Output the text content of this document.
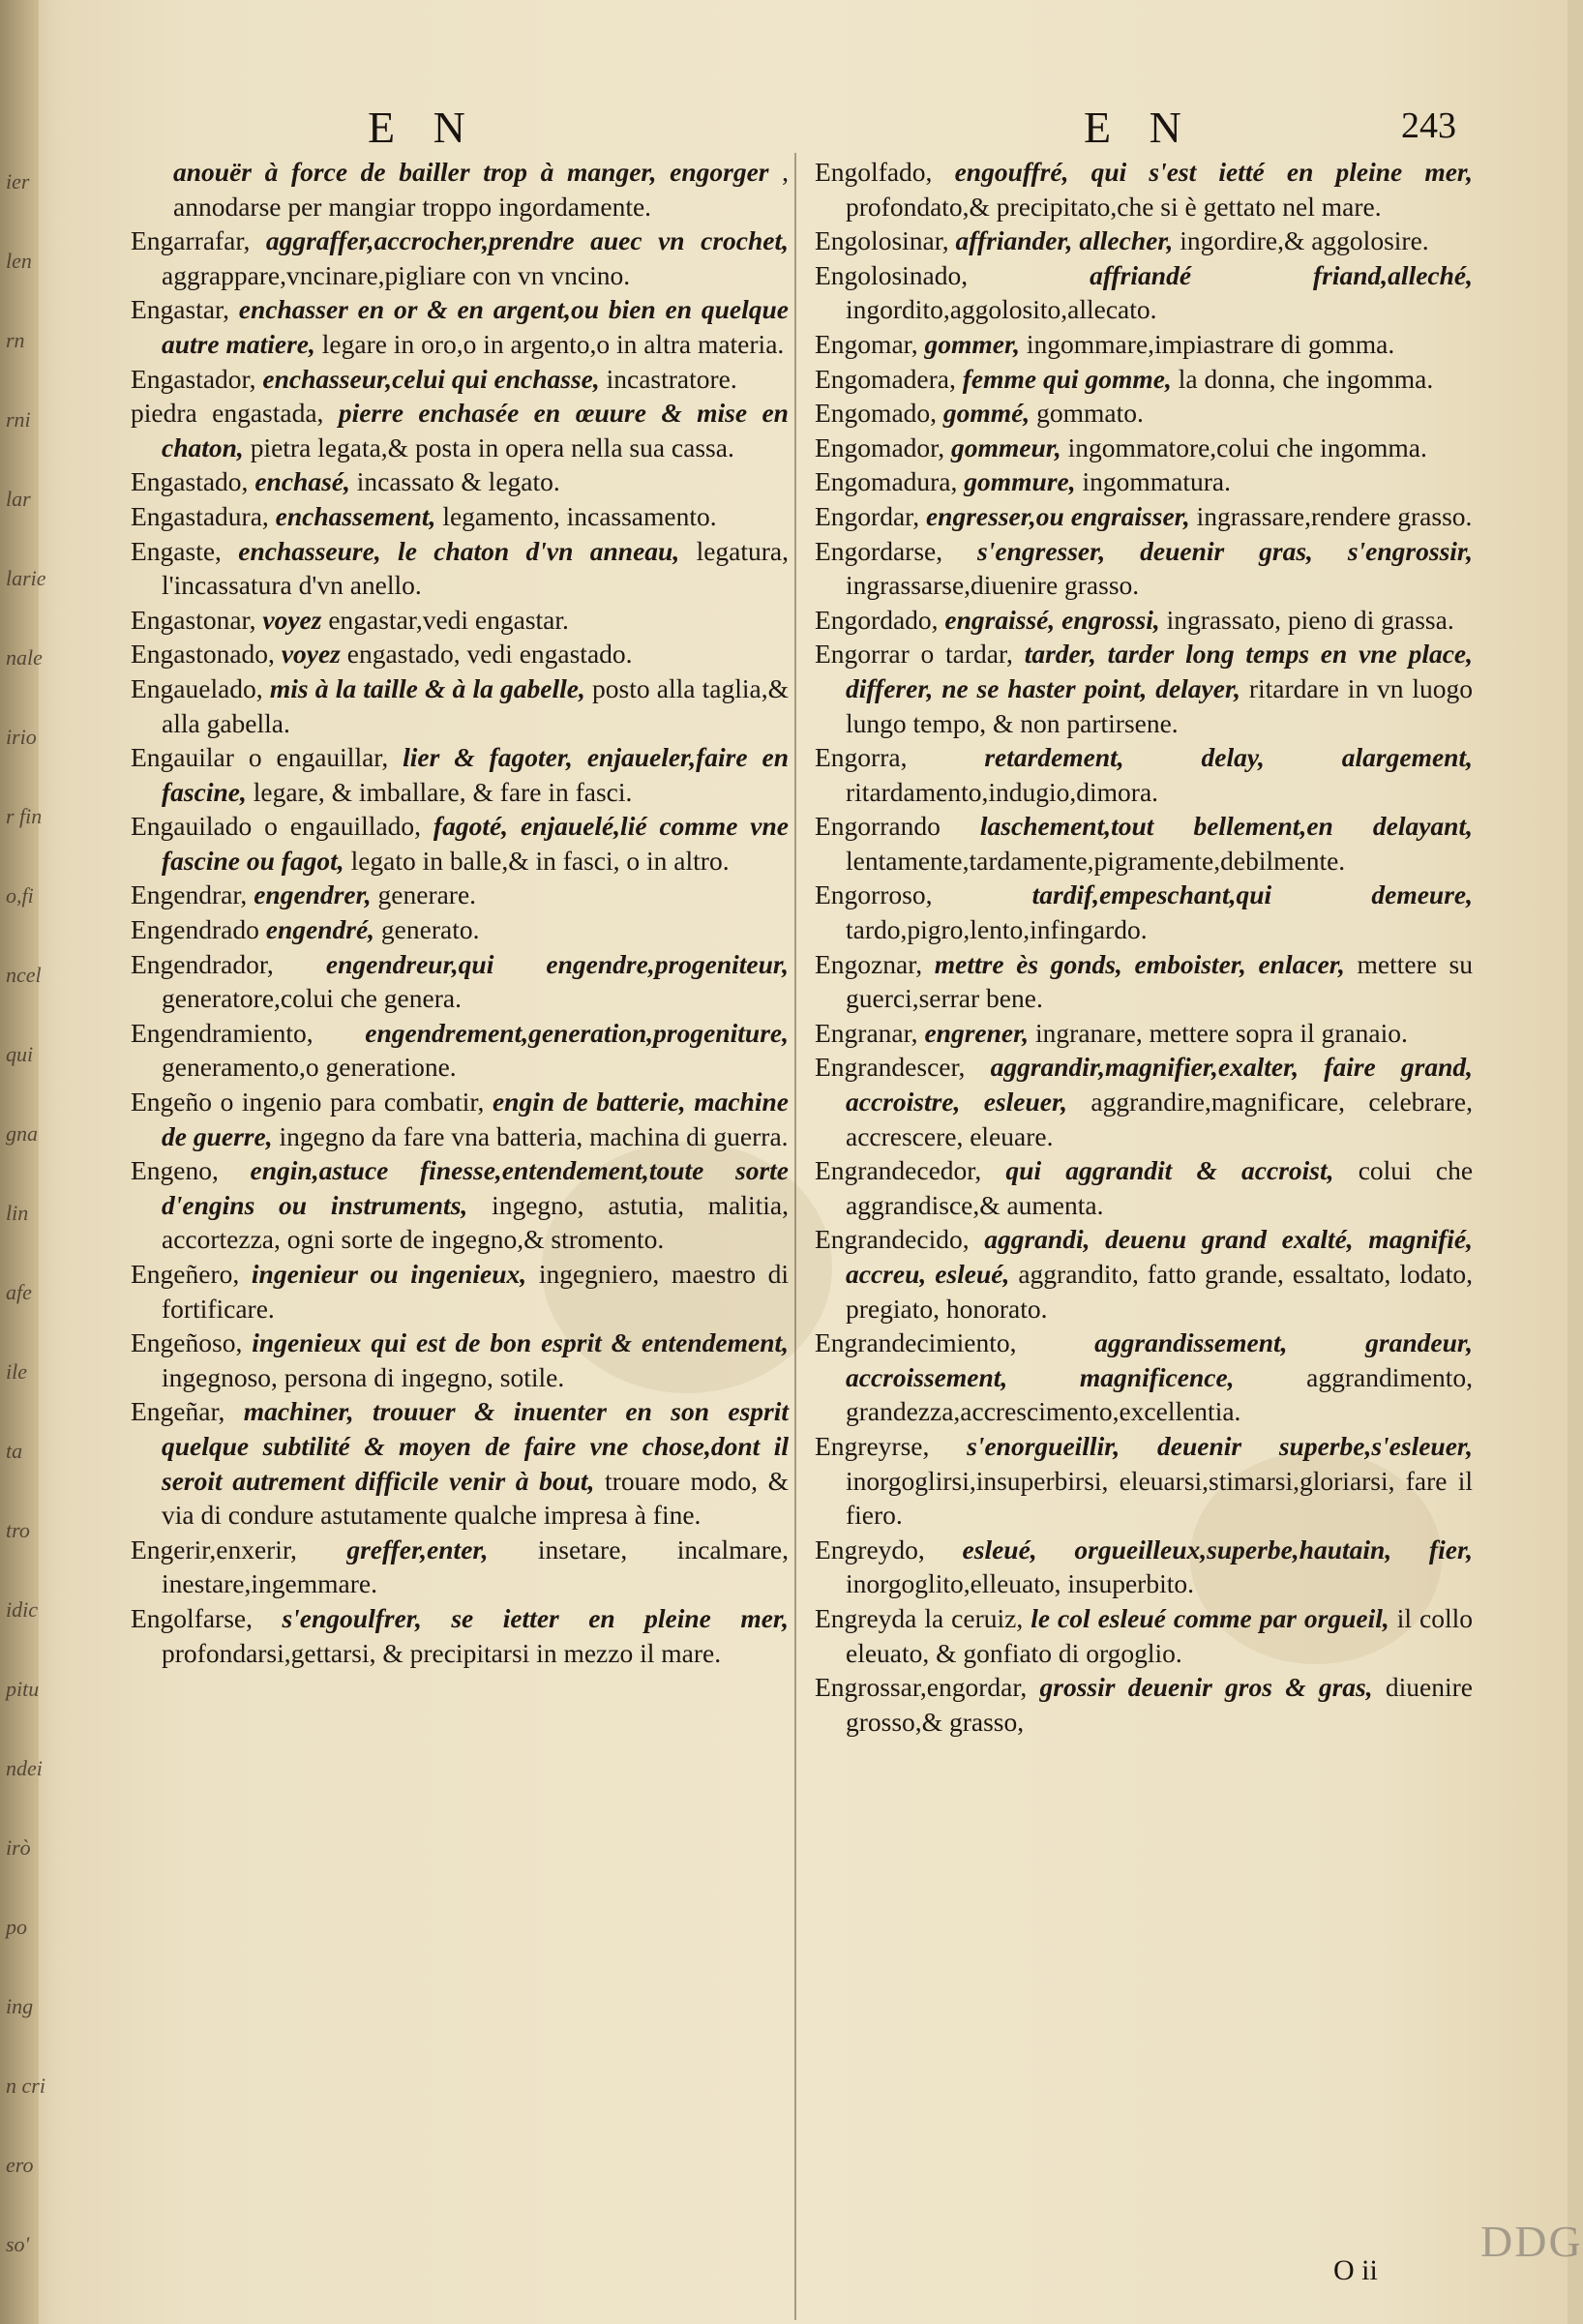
ier
len
rn
rni
lar
larie
nale
irio
r fin
o,fi
ncel
qui
gna
lin
afe
ile
ta
tro
idic
pitu
ndei
irò
po
ing
n cri
ero
so'
E N	E N	243

anouër à force de bailler trop à manger, engorger , annodarse per mangiar troppo ingordamente.

Engarrafar, aggraffer,accrocher,prendre auec vn crochet, aggrappare,vncinare,pigliare con vn vncino.

Engastar, enchasser en or & en argent,ou bien en quelque autre matiere, legare in oro,o in argento,o in altra materia.

Engastador, enchasseur,celui qui enchasse, incastratore.

piedra engastada, pierre enchasée en œuure & mise en chaton, pietra legata,& posta in opera nella sua cassa.

Engastado, enchasé, incassato & legato.

Engastadura, enchassement, legamento, incassamento.

Engaste, enchasseure, le chaton d'vn anneau, legatura, l'incassatura d'vn anello.

Engastonar, voyez engastar,vedi engastar.

Engastonado, voyez engastado, vedi engastado.

Engauelado, mis à la taille & à la gabelle, posto alla taglia,& alla gabella.

Engauilar o engauillar, lier & fagoter, enjaueler,faire en fascine, legare, & imballare, & fare in fasci.

Engauilado o engauillado, fagoté, enjauelé,lié comme vne fascine ou fagot, legato in balle,& in fasci, o in altro.

Engendrar, engendrer, generare.

Engendrado engendré, generato.

Engendrador, engendreur,qui engendre,progeniteur, generatore,colui che genera.

Engendramiento, engendrement,generation,progeniture, generamento,o generatione.

Engeño o ingenio para combatir, engin de batterie, machine de guerre, ingegno da fare vna batteria, machina di guerra.

Engeno, engin,astuce finesse,entendement,toute sorte d'engins ou instruments, ingegno, astutia, malitia, accortezza, ogni sorte de ingegno,& stromento.

Engeñero, ingenieur ou ingenieux, ingegniero, maestro di fortificare.

Engeñoso, ingenieux qui est de bon esprit & entendement, ingegnoso, persona di ingegno, sotile.

Engeñar, machiner, trouuer & inuenter en son esprit quelque subtilité & moyen de faire vne chose,dont il seroit autrement difficile venir à bout, trouare modo, & via di condure astutamente qualche impresa à fine.

Engerir,enxerir, greffer,enter, insetare, incalmare, inestare,ingemmare.

Engolfarse, s'engoulfrer, se ietter en pleine mer, profondarsi,gettarsi, & precipitarsi in mezzo il mare.

Engolfado, engouffré, qui s'est ietté en pleine mer, profondato,& precipitato,che si è gettato nel mare.

Engolosinar, affriander, allecher, ingordire,& aggolosire.

Engolosinado,	affriandé friand,alleché, ingordito,aggolosito,allecato.

Engomar, gommer, ingommare,impiastrare di gomma.

Engomadera, femme qui gomme, la donna, che ingomma.

Engomado, gommé, gommato.

Engomador, gommeur, ingommatore,colui che ingomma.

Engomadura, gommure, ingommatura.

Engordar, engresser,ou engraisser, ingrassare,rendere grasso.

Engordarse, s'engresser, deuenir gras, s'engrossir, ingrassarse,diuenire grasso.

Engordado, engraissé, engrossi, ingrassato, pieno di grassa.

Engorrar o tardar, tarder, tarder long temps en vne place, differer, ne se haster point, delayer, ritardare in vn luogo lungo tempo, & non partirsene.

Engorra,	retardement, delay, alargement, ritardamento,indugio,dimora.

Engorrando laschement,tout bellement,en delayant, lentamente,tardamente,pigramente,debilmente.

Engorroso,	tardif,empeschant,qui demeure, tardo,pigro,lento,infingardo.

Engoznar, mettre ès gonds, emboister, enlacer, mettere su guerci,serrar bene.

Engranar, engrener, ingranare, mettere sopra il granaio.

Engrandescer, aggrandir,magnifier,exalter, faire grand, accroistre, esleuer, aggrandire,magnificare, celebrare, accrescere, eleuare.

Engrandecedor, qui aggrandit & accroist, colui che aggrandisce,& aumenta.

Engrandecido, aggrandi, deuenu grand exalté, magnifié, accreu, esleué, aggrandito, fatto grande, essaltato, lodato, pregiato, honorato.

Engrandecimiento,	aggrandissement, grandeur, accroissement, magnificence,	aggrandimento, grandezza,accrescimento,excellentia.

Engreyrse, s'enorgueillir, deuenir superbe,s'esleuer, inorgoglirsi,insuperbirsi, eleuarsi,stimarsi,gloriarsi, fare il fiero.

Engreydo, esleué, orgueilleux,superbe,hautain, fier, inorgoglito,elleuato, insuperbito.

Engreyda la ceruiz, le col esleué comme par orgueil, il collo eleuato, & gonfiato di orgoglio.

Engrossar,engordar, grossir deuenir gros & gras, diuenire grosso,& grasso,

O ii
DDG
